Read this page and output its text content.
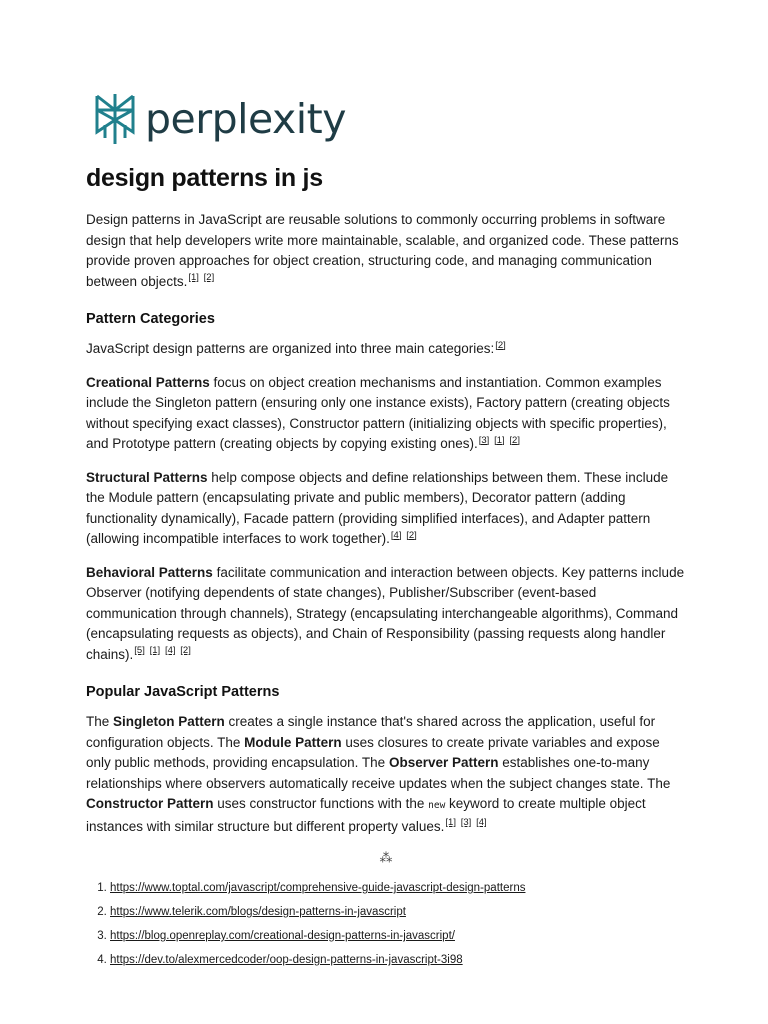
perplexity
design patterns in js

Design patterns in JavaScript are reusable solutions to commonly occurring problems in software design that help developers write more maintainable, scalable, and organized code. These patterns provide proven approaches for object creation, structuring code, and managing communication between objects.[1] [2]

Pattern Categories

JavaScript design patterns are organized into three main categories:[2]

Creational Patterns focus on object creation mechanisms and instantiation. Common examples include the Singleton pattern (ensuring only one instance exists), Factory pattern (creating objects without specifying exact classes), Constructor pattern (initializing objects with specific properties), and Prototype pattern (creating objects by copying existing ones).[3] [1] [2]

Structural Patterns help compose objects and define relationships between them. These include the Module pattern (encapsulating private and public members), Decorator pattern (adding functionality dynamically), Facade pattern (providing simplified interfaces), and Adapter pattern (allowing incompatible interfaces to work together).[4] [2]

Behavioral Patterns facilitate communication and interaction between objects. Key patterns include Observer (notifying dependents of state changes), Publisher/Subscriber (event-based communication through channels), Strategy (encapsulating interchangeable algorithms), Command (encapsulating requests as objects), and Chain of Responsibility (passing requests along handler chains).[5] [1] [4] [2]

Popular JavaScript Patterns

The Singleton Pattern creates a single instance that's shared across the application, useful for configuration objects. The Module Pattern uses closures to create private variables and expose only public methods, providing encapsulation. The Observer Pattern establishes one-to-many relationships where observers automatically receive updates when the subject changes state. The Constructor Pattern uses constructor functions with the new keyword to create multiple object instances with similar structure but different property values.[1] [3] [4]

⁂
1. https://www.toptal.com/javascript/comprehensive-guide-javascript-design-patterns
2. https://www.telerik.com/blogs/design-patterns-in-javascript
3. https://blog.openreplay.com/creational-design-patterns-in-javascript/
4. https://dev.to/alexmercedcoder/oop-design-patterns-in-javascript-3i98
